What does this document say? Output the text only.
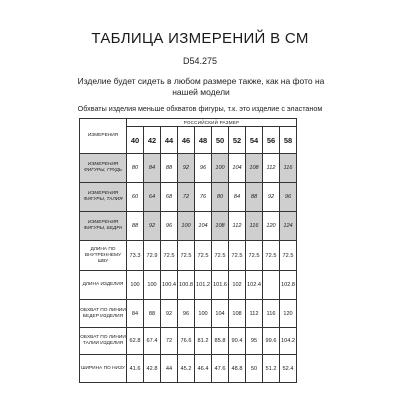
ТАБЛИЦА ИЗМЕРЕНИЙ В СМ
D54.275
Изделие будет сидеть в любом размере также, как на фото на нашей модели
Обхваты изделия меньше обхватов фигуры, т.к. это изделие с эластаном
ИЗМЕРЕНИЯ	РОССИЙСКИЙ РАЗМЕР									
	40	42	44	46	48	50	52	54	56	58
ИЗМЕРЕНИЯ ФИГУРЫ, ГРУДЬ	80	84	88	92	96	100	104	108	112	116
ИЗМЕРЕНИЯ ФИГУРЫ, ТАЛИЯ	60	64	68	72	76	80	84	88	92	96
ИЗМЕРЕНИЯ ФИГУРЫ, БЕДРА	88	92	96	100	104	108	112	116	120	124
ДЛИНА ПО ВНУТРЕННЕМУ ШВУ	73.3	72.9	72.5	72.5	72.5	72.5	72.5	72.5	72.5	72.5
ДЛИНА ИЗДЕЛИЯ	100	100	100.4	100.8	101.2	101.6	102	102.4		102.8
ОБХВАТ ПО ЛИНИИ БЕДЕР ИЗДЕЛИЯ	84	88	92	96	100	104	108	112	116	120
ОБХВАТ ПО ЛИНИИ ТАЛИИ ИЗДЕЛИЯ	62.8	67.4	72	76.6	81.2	85.8	90.4	95	99.6	104.2
ШИРИНА ПО НИЗУ	41.6	42.8	44	45.2	46.4	47.6	48.8	50	51.2	52.4
